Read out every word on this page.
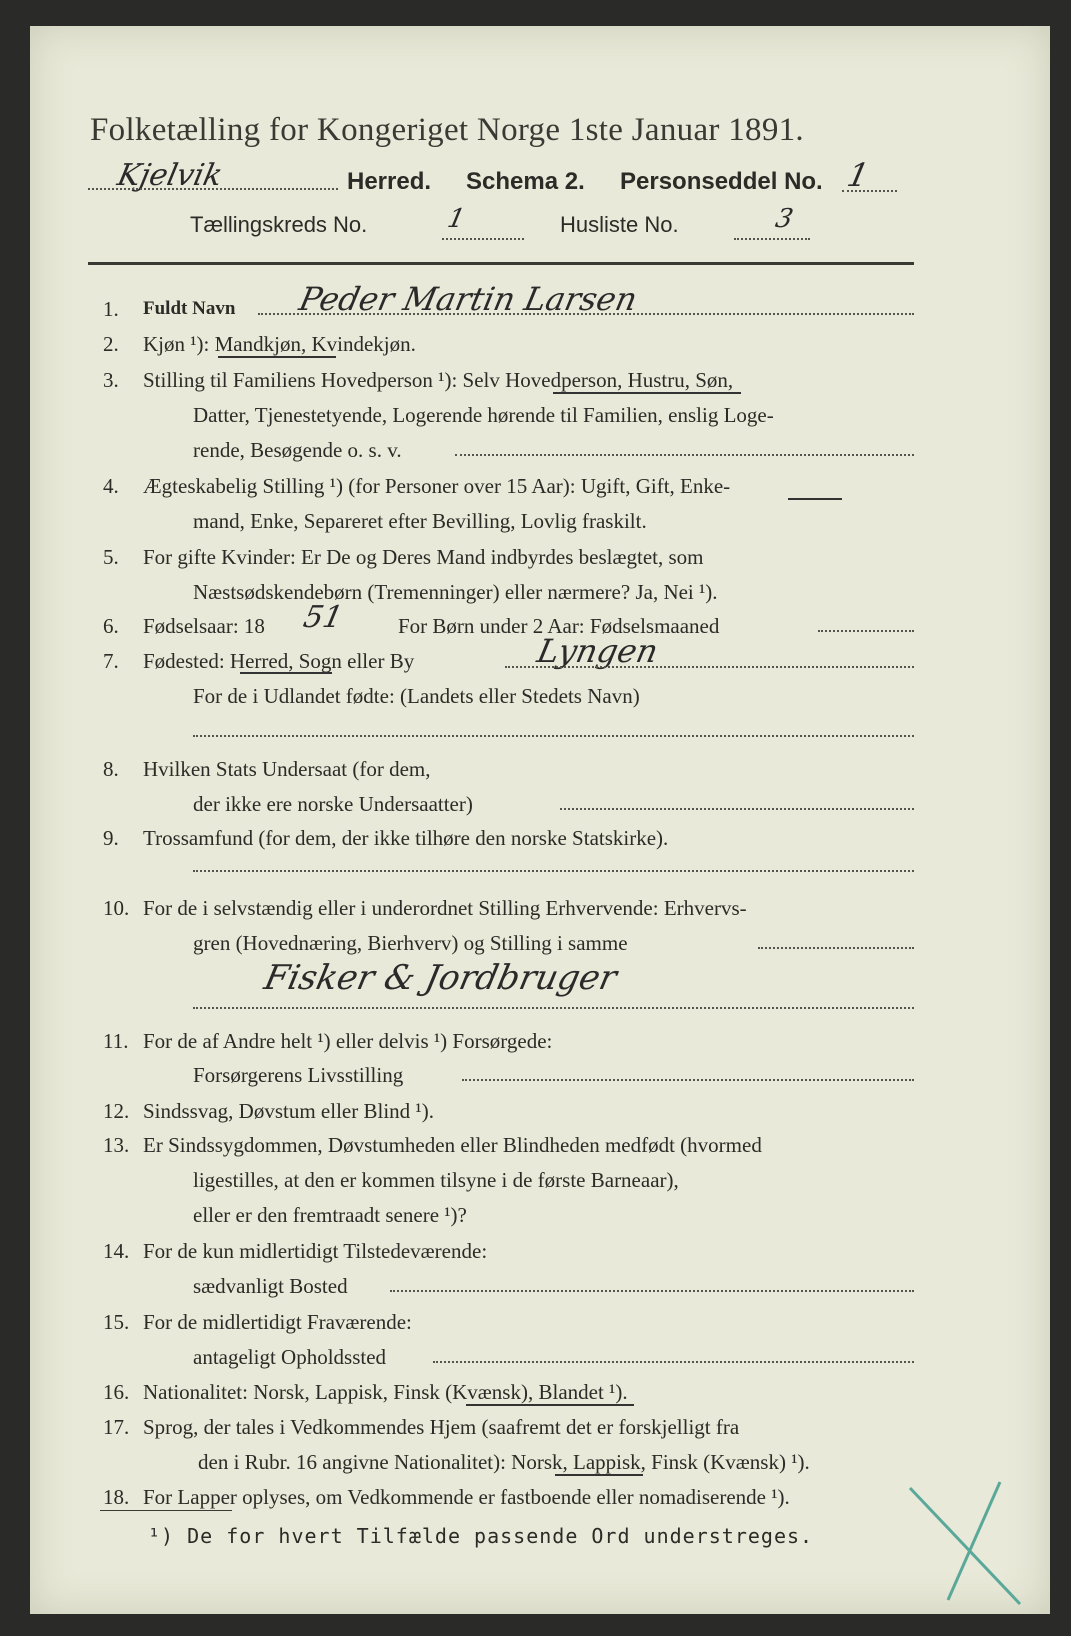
Folketælling for Kongeriget Norge 1ste Januar 1891.
Kjelvik	Herred. Schema 2. Personseddel No. 1
Tællingskreds No.	1	Husliste No.	3
1. Fuldt Navn Peder Martin Larsen
2. Kjøn ¹): Mandkjøn, Kvindekjøn.
3. Stilling til Familiens Hovedperson ¹): Selv Hovedperson, Hustru, Søn,
Datter, Tjenestetyende, Logerende hørende til Familien, enslig Loge-
rende, Besøgende o. s. v.
4. Ægteskabelig Stilling ¹) (for Personer over 15 Aar): Ugift, Gift, Enke-
mand, Enke, Separeret efter Bevilling, Lovlig fraskilt.
5. For gifte Kvinder: Er De og Deres Mand indbyrdes beslægtet, som
Næstsødskendebørn (Tremenninger) eller nærmere? Ja, Nei ¹).
6. Fødselsaar: 18 51 For Børn under 2 Aar: Fødselsmaaned
7. Fødested: Herred, Sogn eller By	Lyngen
For de i Udlandet fødte: (Landets eller Stedets Navn)
8. Hvilken Stats Undersaat (for dem,
der ikke ere norske Undersaatter)
9. Trossamfund (for dem, der ikke tilhøre den norske Statskirke).
10. For de i selvstændig eller i underordnet Stilling Erhvervende: Erhvervs-
gren (Hovednæring, Bierhverv) og Stilling i samme
Fisker & Jordbruger
11. For de af Andre helt ¹) eller delvis ¹) Forsørgede:
Forsørgerens Livsstilling
12. Sindssvag, Døvstum eller Blind ¹).
13. Er Sindssygdommen, Døvstumheden eller Blindheden medfødt (hvormed
ligestilles, at den er kommen tilsyne i de første Barneaar),
eller er den fremtraadt senere ¹)?
14. For de kun midlertidigt Tilstedeværende:
sædvanligt Bosted
15. For de midlertidigt Fraværende:
antageligt Opholdssted
16. Nationalitet: Norsk, Lappisk, Finsk (Kvænsk), Blandet ¹).
17. Sprog, der tales i Vedkommendes Hjem (saafremt det er forskjelligt fra
den i Rubr. 16 angivne Nationalitet): Norsk, Lappisk, Finsk (Kvænsk) ¹).
18. For Lapper oplyses, om Vedkommende er fastboende eller nomadiserende ¹).
¹) De for hvert Tilfælde passende Ord understreges.
